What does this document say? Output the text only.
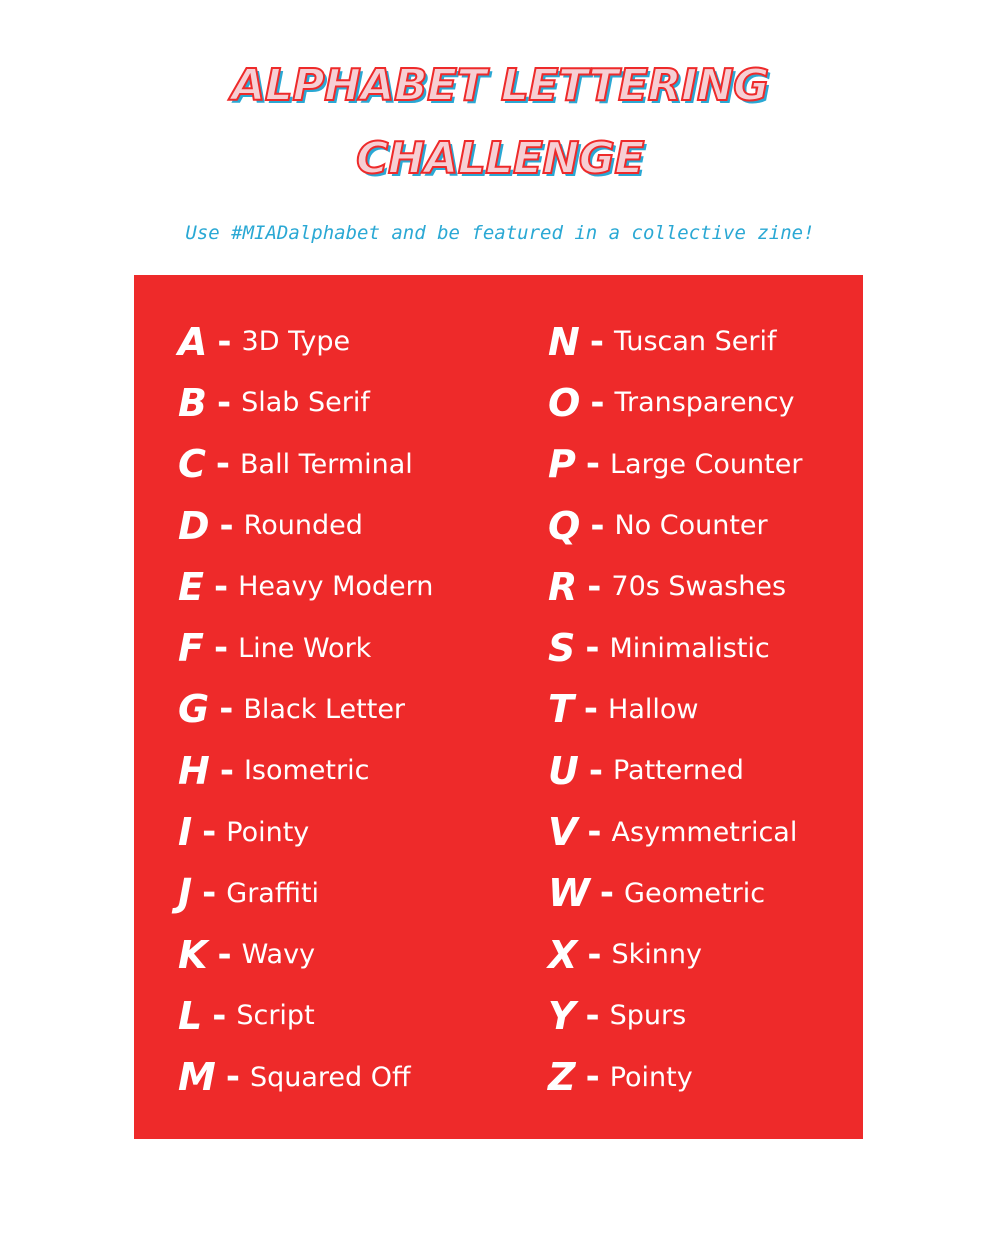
ALPHABET LETTERING
CHALLENGE

Use #MIADalphabet and be featured in a collective zine!

A - 3D Type
B - Slab Serif
C - Ball Terminal
D - Rounded
E - Heavy Modern
F - Line Work
G - Black Letter
H - Isometric
I - Pointy
J - Graffiti
K - Wavy
L - Script
M - Squared Off
N - Tuscan Serif
O - Transparency
P - Large Counter
Q - No Counter
R - 70s Swashes
S - Minimalistic
T - Hallow
U - Patterned
V - Asymmetrical
W - Geometric
X - Skinny
Y - Spurs
Z - Pointy
